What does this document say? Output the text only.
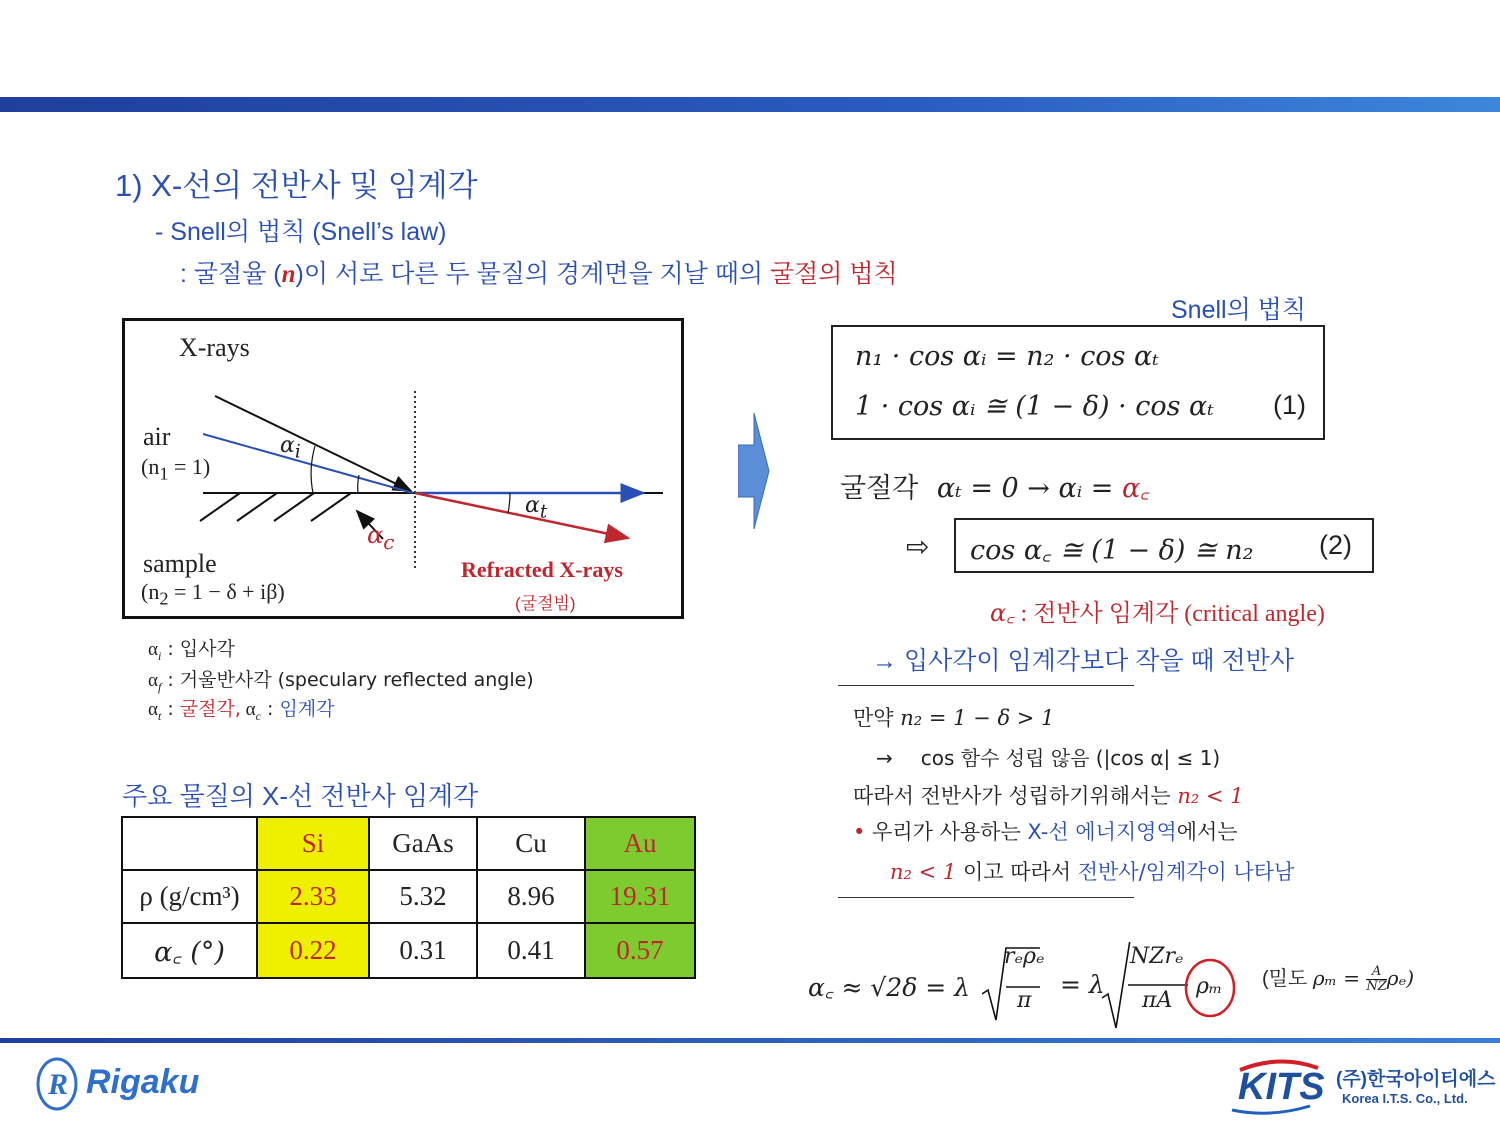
1) X-선의 전반사 및 임계각
- Snell의 법칙 (Snell’s law)
: 굴절율 (n)이 서로 다른 두 물질의 경계면을 지날 때의 굴절의 법칙
X-rays
air
$(n_1 = 1)$
$\alpha_i$
$\alpha_t$
$\alpha_c$
sample
$(n_2 = 1 - \delta + i\beta)$
Refracted X-rays
(굴절빔)
$\alpha_i$ : 입사각
$\alpha_f$ : 거울반사각 (speculary reflected angle)
$\alpha_t$ : 굴절각, $\alpha_c$ : 임계각
Snell의 법칙
n₁ · cos αᵢ = n₂ · cos αₜ
1 · cos αᵢ ≅ (1 − δ) · cos αₜ (1)
굴절각 αₜ = 0 → αᵢ = α꜀
⇨ cos α꜀ ≅ (1 − δ) ≅ n₂ (2)
α꜀ : 전반사 임계각 (critical angle)
→ 입사각이 임계각보다 작을 때 전반사
만약 n₂ = 1 − δ > 1
→ cos 함수 성립 않음 (|cos α| ≤ 1)
따라서 전반사가 성립하기위해서는 n₂ < 1
• 우리가 사용하는 X-선 에너지영역에서는
n₂ < 1 이고 따라서 전반사/임계각이 나타남
α꜀ ≈ √2δ = λ
rₑρₑ
π
= λ
NZrₑ
πA
ρₘ (밀도 $\rho_m = \frac{A}{NZ} \rho_e$)
주요 물질의 X-선 전반사 임계각
	Si	GaAs	Cu	Au
ρ (g/cm³)	2.33	5.32	8.96	19.31
α꜀ (°)	0.22	0.31	0.41	0.57
R Rigaku	KITS (주)한국아이티에스
Korea I.T.S. Co., Ltd.
